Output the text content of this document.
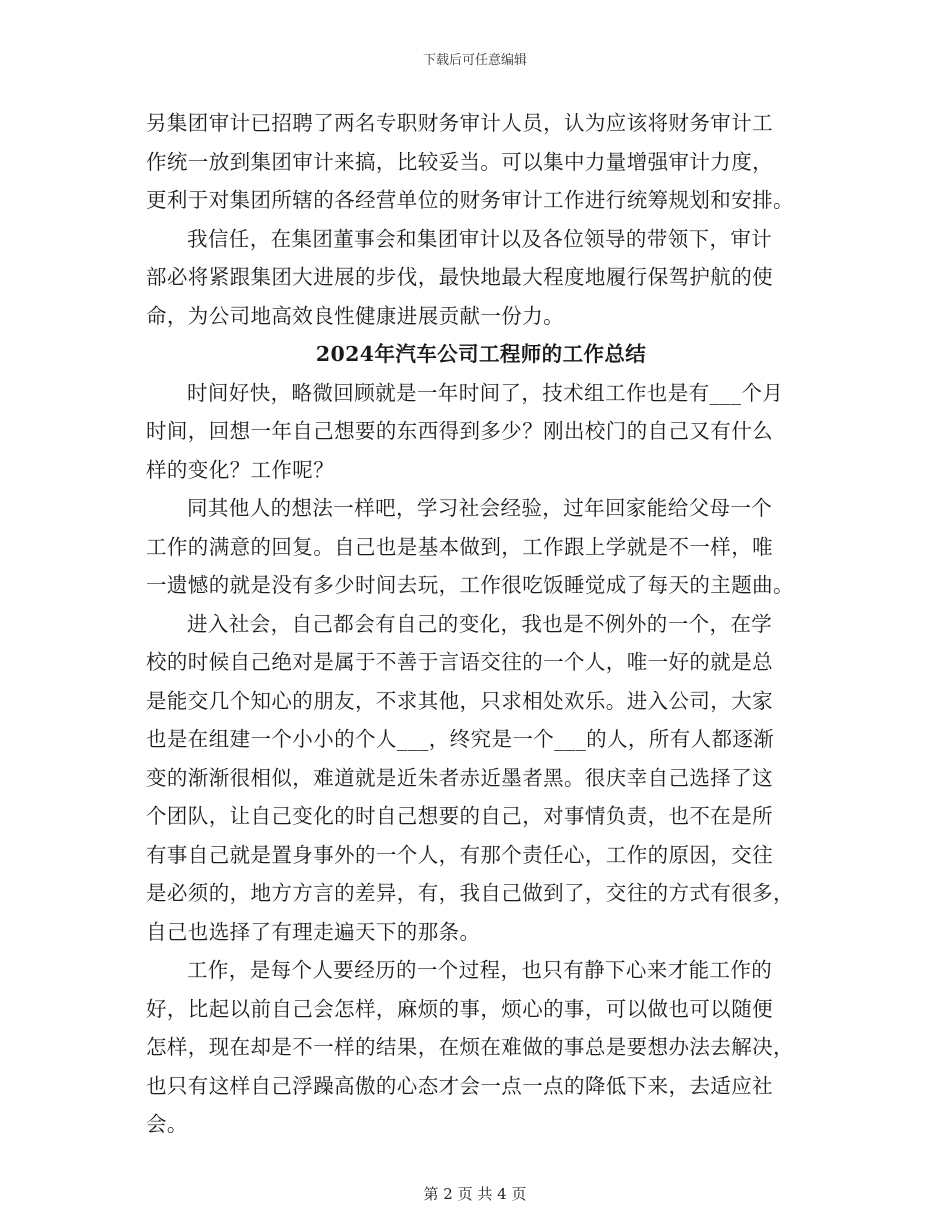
下载后可任意编辑
另集团审计已招聘了两名专职财务审计人员，认为应该将财务审计工
作统一放到集团审计来搞，比较妥当。可以集中力量增强审计力度，
更利于对集团所辖的各经营单位的财务审计工作进行统筹规划和安排。
我信任，在集团董事会和集团审计以及各位领导的带领下，审计
部必将紧跟集团大进展的步伐，最快地最大程度地履行保驾护航的使
命，为公司地高效良性健康进展贡献一份力。
2024年汽车公司工程师的工作总结
时间好快，略微回顾就是一年时间了，技术组工作也是有___个月
时间，回想一年自己想要的东西得到多少？刚出校门的自己又有什么
样的变化？工作呢？
同其他人的想法一样吧，学习社会经验，过年回家能给父母一个
工作的满意的回复。自己也是基本做到，工作跟上学就是不一样，唯
一遗憾的就是没有多少时间去玩，工作很吃饭睡觉成了每天的主题曲。
进入社会，自己都会有自己的变化，我也是不例外的一个，在学
校的时候自己绝对是属于不善于言语交往的一个人，唯一好的就是总
是能交几个知心的朋友，不求其他，只求相处欢乐。进入公司，大家
也是在组建一个小小的个人___，终究是一个___的人，所有人都逐渐
变的渐渐很相似，难道就是近朱者赤近墨者黑。很庆幸自己选择了这
个团队，让自己变化的时自己想要的自己，对事情负责，也不在是所
有事自己就是置身事外的一个人，有那个责任心，工作的原因，交往
是必须的，地方方言的差异，有，我自己做到了，交往的方式有很多，
自己也选择了有理走遍天下的那条。
工作，是每个人要经历的一个过程，也只有静下心来才能工作的
好，比起以前自己会怎样，麻烦的事，烦心的事，可以做也可以随便
怎样，现在却是不一样的结果，在烦在难做的事总是要想办法去解决，
也只有这样自己浮躁高傲的心态才会一点一点的降低下来，去适应社
会。
第 2 页 共 4 页
